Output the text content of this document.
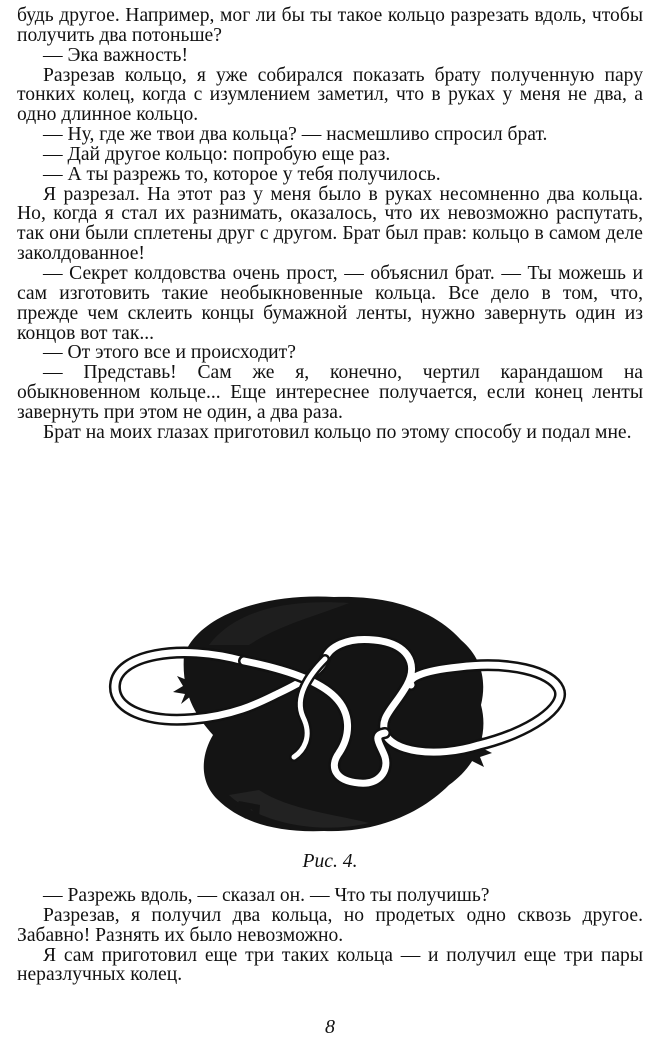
будь другое. Например, мог ли бы ты такое кольцо разрезать вдоль, чтобы получить два потоньше?

— Эка важность!

Разрезав кольцо, я уже собирался показать брату полученную пару тонких колец, когда с изумлением заметил, что в руках у меня не два, а одно длинное кольцо.

— Ну, где же твои два кольца? — насмешливо спросил брат.

— Дай другое кольцо: попробую еще раз.

— А ты разрежь то, которое у тебя получилось.

Я разрезал. На этот раз у меня было в руках несомненно два кольца. Но, когда я стал их разнимать, оказалось, что их невозможно распутать, так они были сплетены друг с другом. Брат был прав: кольцо в самом деле заколдованное!

— Секрет колдовства очень прост, — объяснил брат. — Ты можешь и сам изготовить такие необыкновенные кольца. Все дело в том, что, прежде чем склеить концы бумажной ленты, нужно завернуть один из концов вот так...

— От этого все и происходит?

— Представь! Сам же я, конечно, чертил карандашом на обыкновенном кольце... Еще интереснее получается, если конец ленты завернуть при этом не один, а два раза.

Брат на моих глазах приготовил кольцо по этому способу и подал мне.

Рис. 4.

— Разрежь вдоль, — сказал он. — Что ты получишь?

Разрезав, я получил два кольца, но продетых одно сквозь другое. Забавно! Разнять их было невозможно.

Я сам приготовил еще три таких кольца — и получил еще три пары неразлучных колец.

8
